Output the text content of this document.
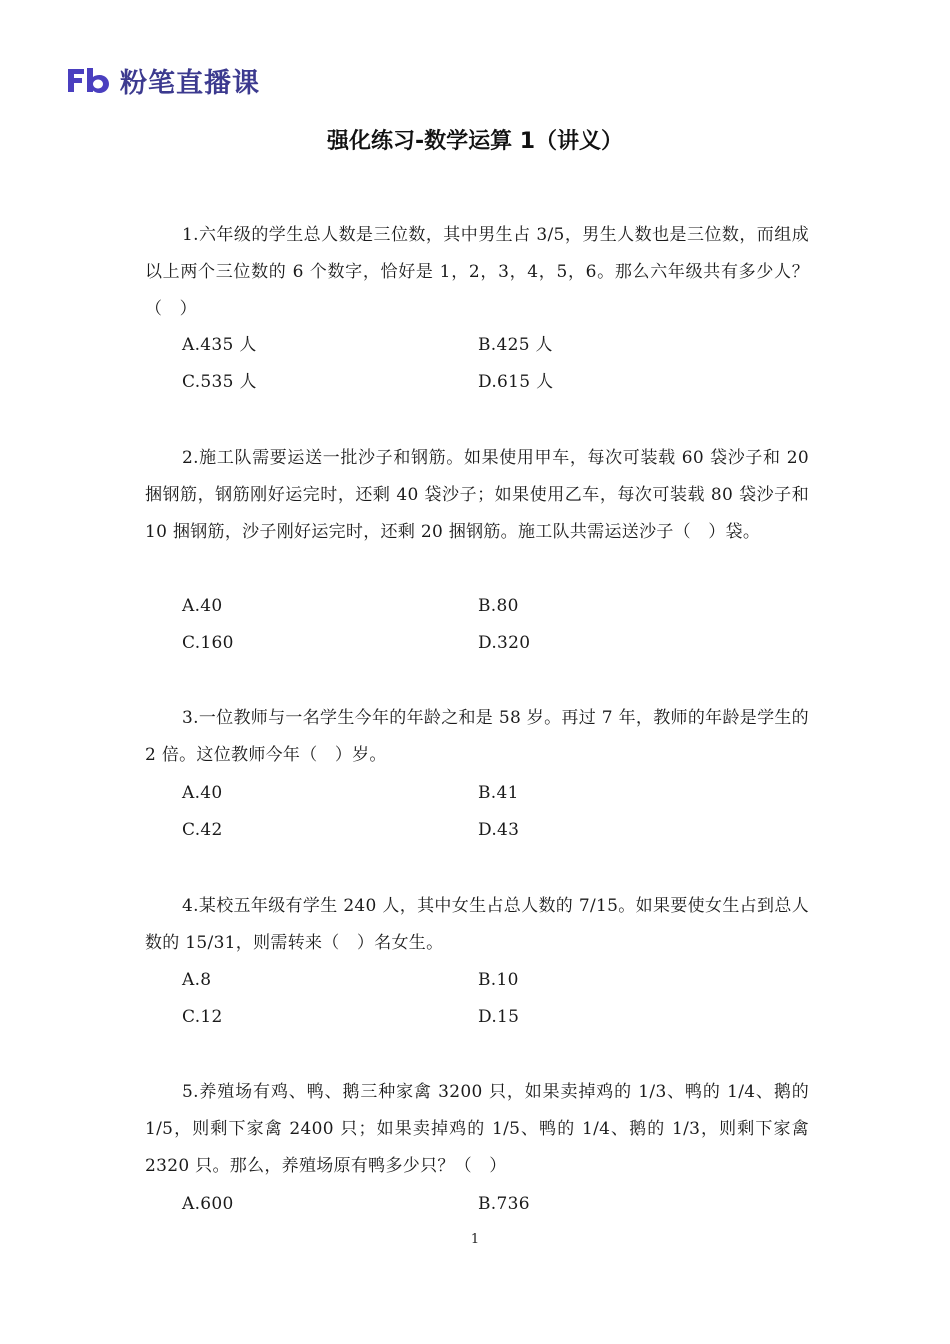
粉笔直播课
强化练习-数学运算 1（讲义）

1.六年级的学生总人数是三位数，其中男生占 3/5，男生人数也是三位数，而组成以上两个三位数的 6 个数字，恰好是 1，2，3，4，5，6。那么六年级共有多少人？（　）

A.435 人	B.425 人
C.535 人	D.615 人

2.施工队需要运送一批沙子和钢筋。如果使用甲车，每次可装载 60 袋沙子和 20 捆钢筋，钢筋刚好运完时，还剩 40 袋沙子；如果使用乙车，每次可装载 80 袋沙子和 10 捆钢筋，沙子刚好运完时，还剩 20 捆钢筋。施工队共需运送沙子（　）袋。

A.40	B.80
C.160	D.320

3.一位教师与一名学生今年的年龄之和是 58 岁。再过 7 年，教师的年龄是学生的 2 倍。这位教师今年（　）岁。

A.40	B.41
C.42	D.43

4.某校五年级有学生 240 人，其中女生占总人数的 7/15。如果要使女生占到总人数的 15/31，则需转来（　）名女生。

A.8	B.10
C.12	D.15

5.养殖场有鸡、鸭、鹅三种家禽 3200 只，如果卖掉鸡的 1/3、鸭的 1/4、鹅的 1/5，则剩下家禽 2400 只；如果卖掉鸡的 1/5、鸭的 1/4、鹅的 1/3，则剩下家禽 2320 只。那么，养殖场原有鸭多少只？（　）

A.600	B.736
1
